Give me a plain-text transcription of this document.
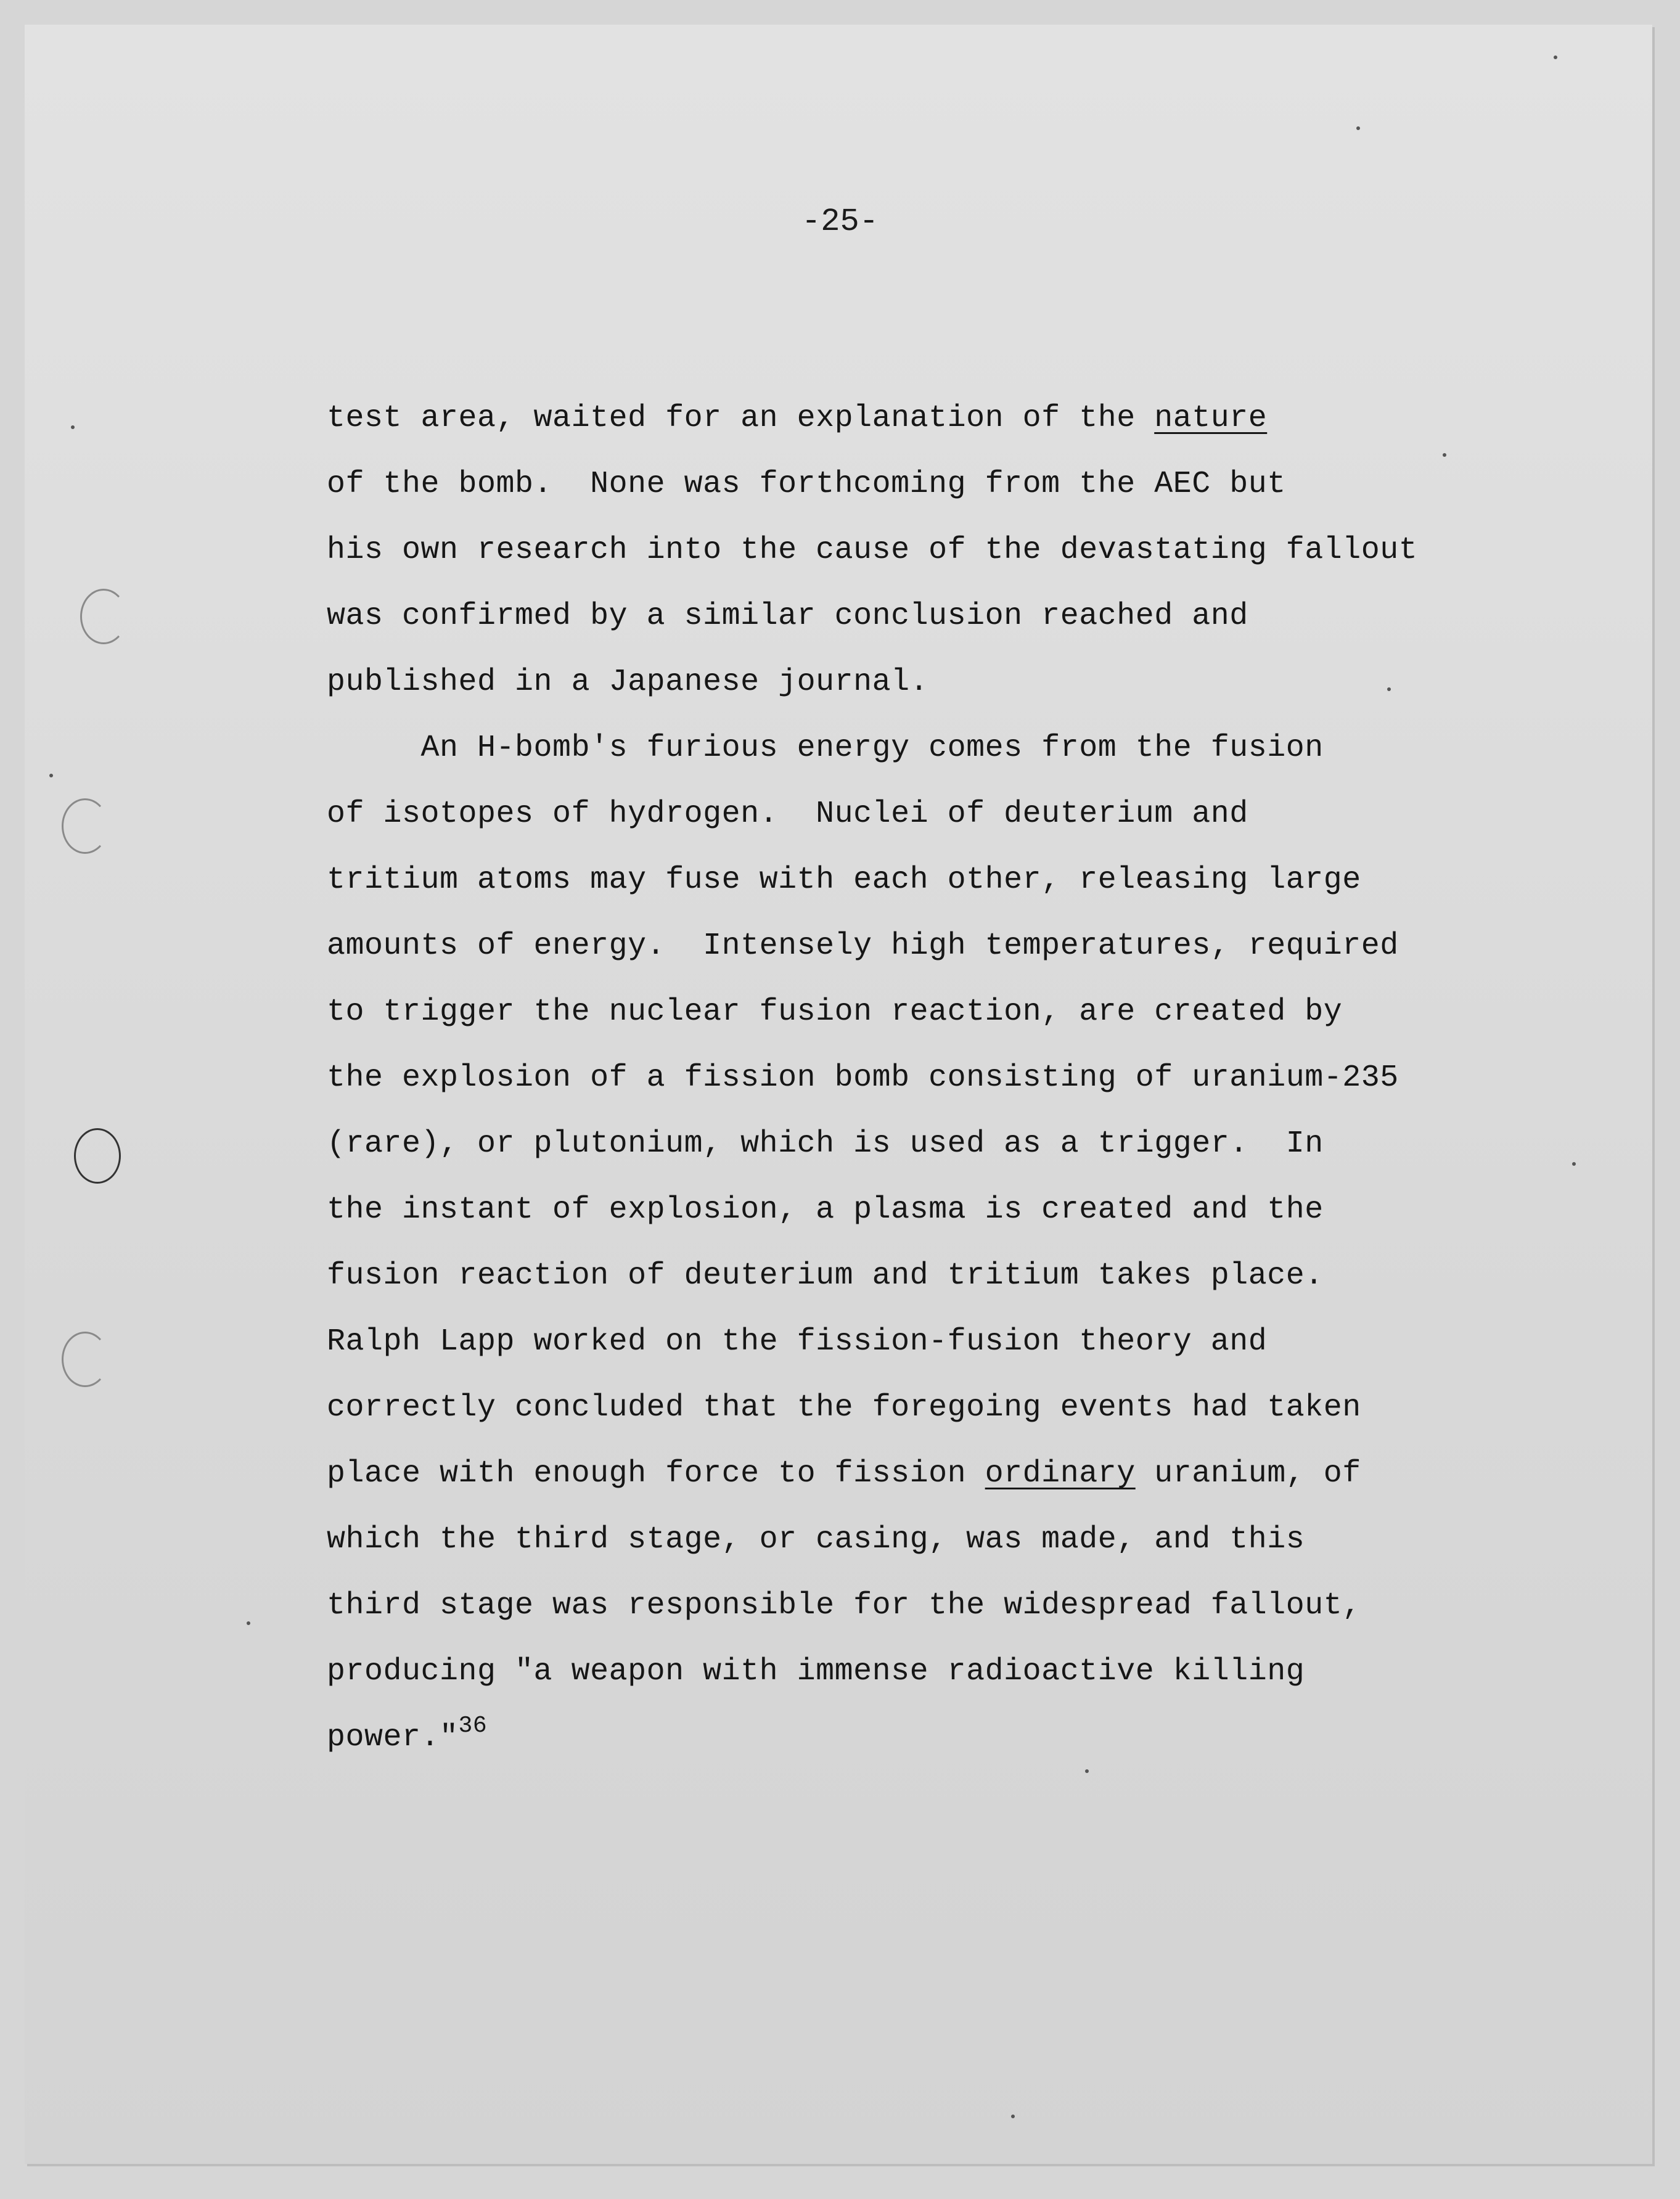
-25-
test area, waited for an explanation of the nature
of the bomb.  None was forthcoming from the AEC but
his own research into the cause of the devastating fallout
was confirmed by a similar conclusion reached and
published in a Japanese journal.
An H-bomb's furious energy comes from the fusion
of isotopes of hydrogen.  Nuclei of deuterium and
tritium atoms may fuse with each other, releasing large
amounts of energy.  Intensely high temperatures, required
to trigger the nuclear fusion reaction, are created by
the explosion of a fission bomb consisting of uranium-235
(rare), or plutonium, which is used as a trigger.  In
the instant of explosion, a plasma is created and the
fusion reaction of deuterium and tritium takes place.
Ralph Lapp worked on the fission-fusion theory and
correctly concluded that the foregoing events had taken
place with enough force to fission ordinary uranium, of
which the third stage, or casing, was made, and this
third stage was responsible for the widespread fallout,
producing "a weapon with immense radioactive killing
power."$^{36}$
